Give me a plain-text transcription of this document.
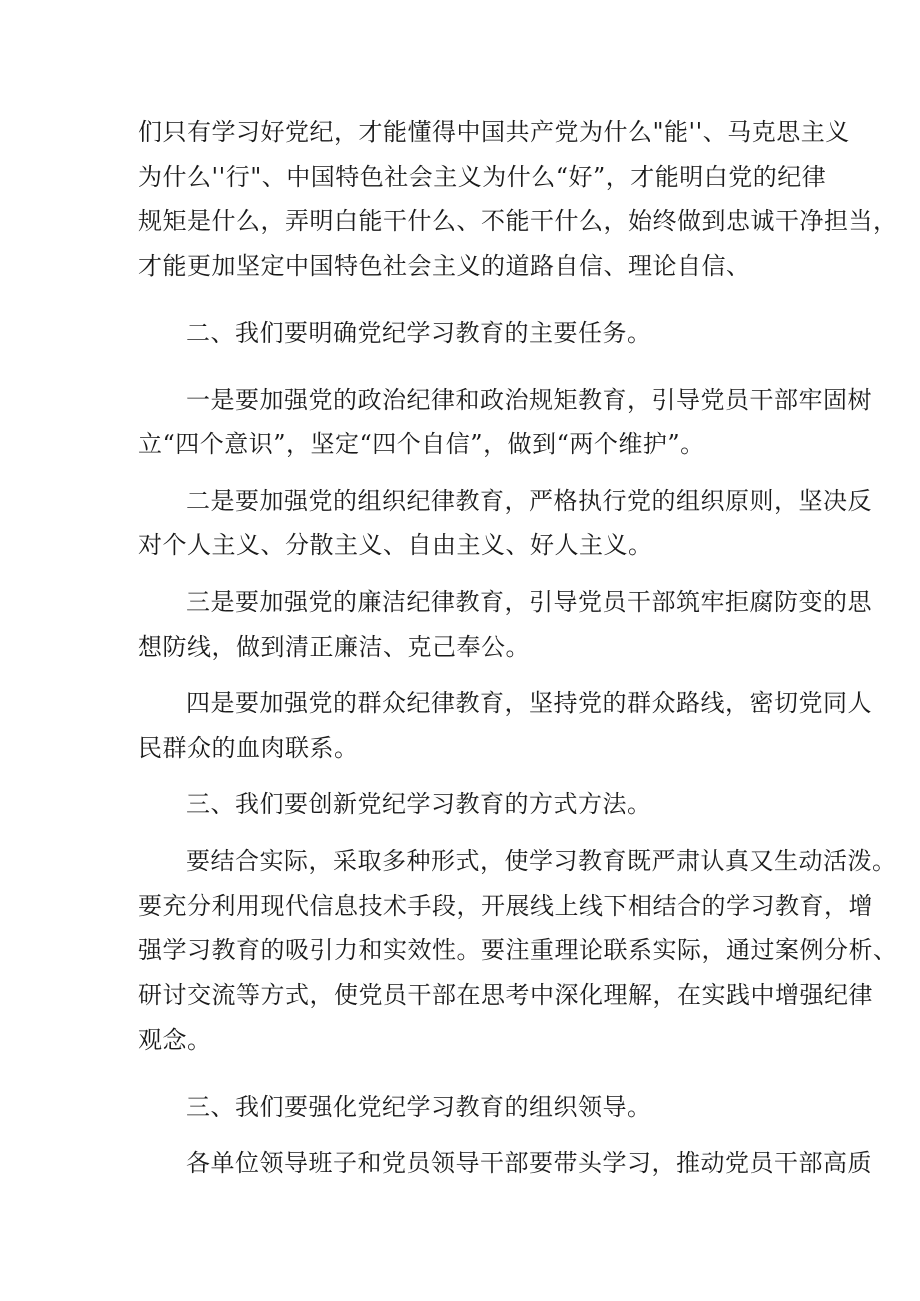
们只有学习好党纪，才能懂得中国共产党为什么"能''、马克思主义
为什么''行"、中国特色社会主义为什么“好”，才能明白党的纪律
规矩是什么，弄明白能干什么、不能干什么，始终做到忠诚干净担当，
才能更加坚定中国特色社会主义的道路自信、理论自信、
二、我们要明确党纪学习教育的主要任务。
一是要加强党的政治纪律和政治规矩教育，引导党员干部牢固树
立“四个意识”，坚定“四个自信”，做到“两个维护”。
二是要加强党的组织纪律教育，严格执行党的组织原则，坚决反
对个人主义、分散主义、自由主义、好人主义。
三是要加强党的廉洁纪律教育，引导党员干部筑牢拒腐防变的思
想防线，做到清正廉洁、克己奉公。
四是要加强党的群众纪律教育，坚持党的群众路线，密切党同人
民群众的血肉联系。
三、我们要创新党纪学习教育的方式方法。
要结合实际，采取多种形式，使学习教育既严肃认真又生动活泼。
要充分利用现代信息技术手段，开展线上线下相结合的学习教育，增
强学习教育的吸引力和实效性。要注重理论联系实际，通过案例分析、
研讨交流等方式，使党员干部在思考中深化理解，在实践中增强纪律
观念。
三、我们要强化党纪学习教育的组织领导。
各单位领导班子和党员领导干部要带头学习，推动党员干部高质
